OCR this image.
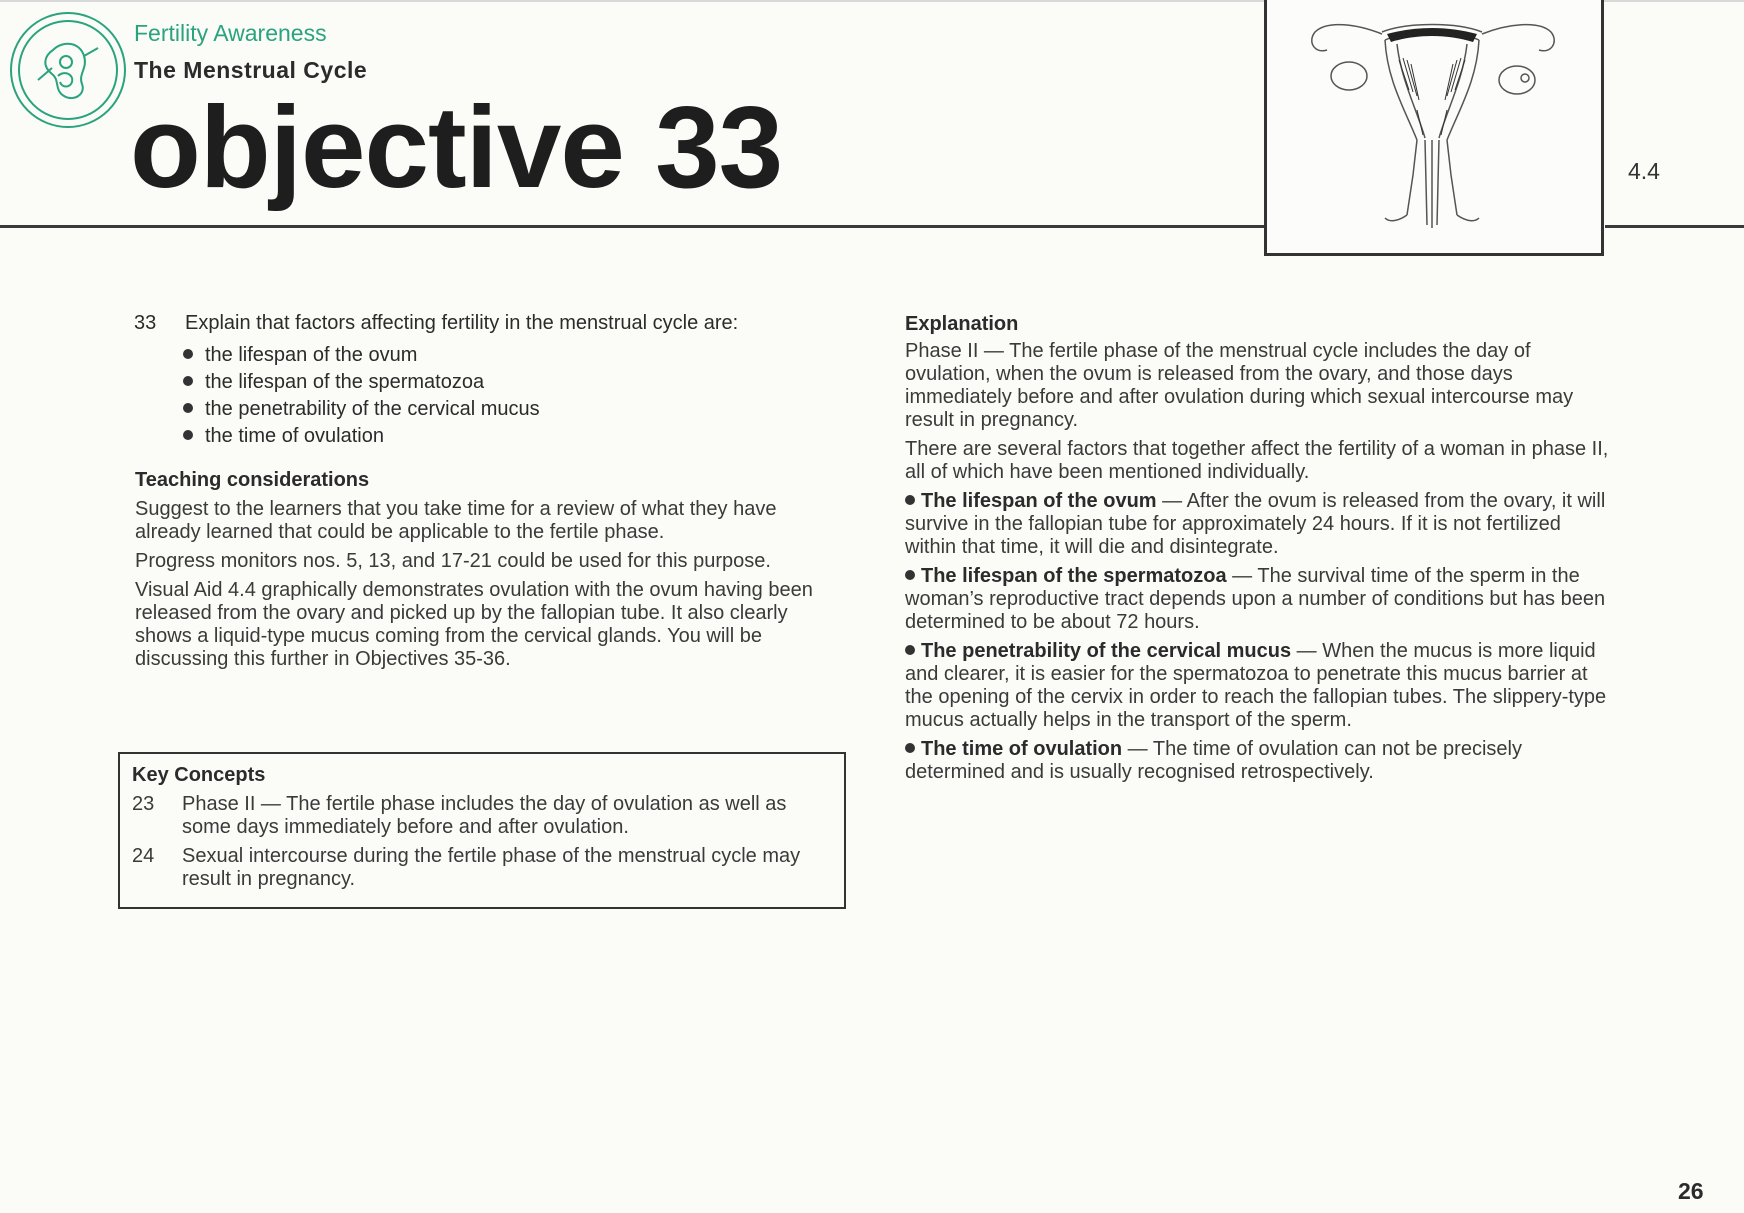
Fertility Awareness
The Menstrual Cycle
objective 33	4.4
33 Explain that factors affecting fertility in the menstrual cycle are:
the lifespan of the ovum
the lifespan of the spermatozoa
the penetrability of the cervical mucus
the time of ovulation
Teaching considerations

Suggest to the learners that you take time for a review of what they have already learned that could be applicable to the fertile phase.

Progress monitors nos. 5, 13, and 17-21 could be used for this purpose.

Visual Aid 4.4 graphically demonstrates ovulation with the ovum having been released from the ovary and picked up by the fallopian tube. It also clearly shows a liquid-type mucus coming from the cervical glands. You will be discussing this further in Objectives 35-36.

Key Concepts
23 Phase II — The fertile phase includes the day of ovulation as well as some days immediately before and after ovulation.
24 Sexual intercourse during the fertile phase of the menstrual cycle may result in pregnancy.
Explanation

Phase II — The fertile phase of the menstrual cycle includes the day of ovulation, when the ovum is released from the ovary, and those days immediately before and after ovulation during which sexual intercourse may result in pregnancy.

There are several factors that together affect the fertility of a woman in phase II, all of which have been mentioned individually.

The lifespan of the ovum — After the ovum is released from the ovary, it will survive in the fallopian tube for approximately 24 hours. If it is not fertilized within that time, it will die and disintegrate.

The lifespan of the spermatozoa — The survival time of the sperm in the woman’s reproductive tract depends upon a number of conditions but has been determined to be about 72 hours.

The penetrability of the cervical mucus — When the mucus is more liquid and clearer, it is easier for the spermatozoa to penetrate this mucus barrier at the opening of the cervix in order to reach the fallopian tubes. The slippery-type mucus actually helps in the transport of the sperm.

The time of ovulation — The time of ovulation can not be precisely determined and is usually recognised retrospectively.

26
